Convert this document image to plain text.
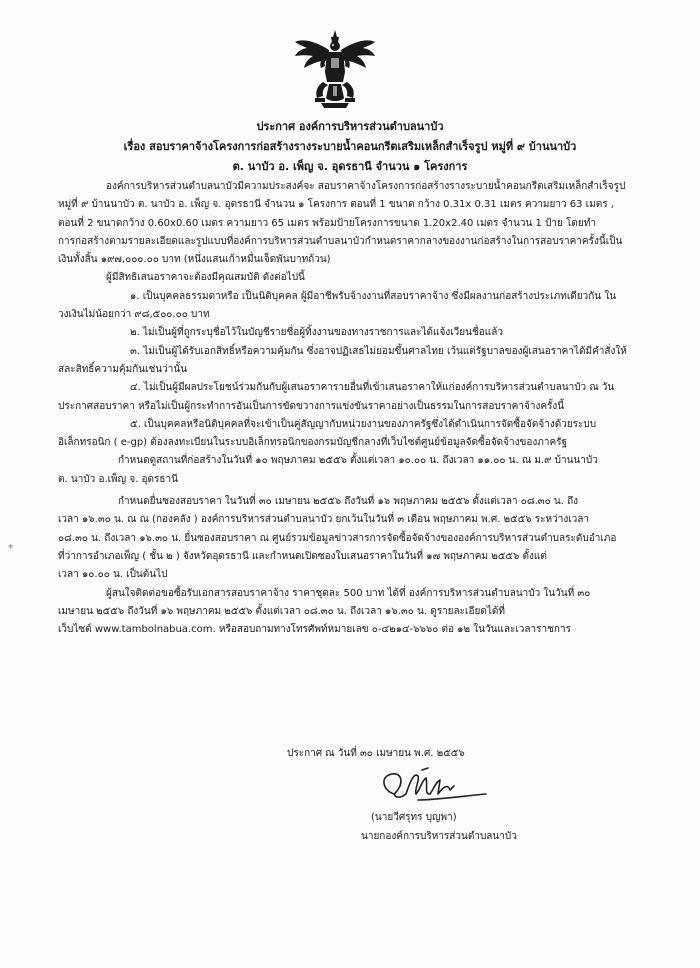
ประกาศ องค์การบริหารส่วนตำบลนาบัว
เรื่อง สอบราคาจ้างโครงการก่อสร้างรางระบายน้ำคอนกรีตเสริมเหล็กสำเร็จรูป หมู่ที่ ๙ บ้านนาบัว
ต. นาบัว อ. เพ็ญ จ. อุดรธานี จำนวน ๑ โครงการ
องค์การบริหารส่วนตำบลนาบัวมีความประสงค์จะ สอบราคาจ้างโครงการก่อสร้างรางระบายน้ำคอนกรีตเสริมเหล็กสำเร็จรูป
หมู่ที่ ๙ บ้านนาบัว ต. นาบัว อ. เพ็ญ จ. อุดรธานี จำนวน ๑ โครงการ ตอนที่ 1 ขนาด กว้าง 0.31x 0.31 เมตร ความยาว 63 เมตร ,
ตอนที่ 2 ขนาดกว้าง 0.60x0.60 เมตร ความยาว 65 เมตร พร้อมป้ายโครงการขนาด 1.20x2.40 เมตร จำนวน 1 ป้าย โดยทำ
การก่อสร้างตามรายละเอียดและรูปแบบที่องค์การบริหารส่วนตำบลนาบัวกำหนดราคากลางของงานก่อสร้างในการสอบราคาครั้งนี้เป็น
เงินทั้งสิ้น ๑๙๗,๐๐๐.๐๐ บาท (หนึ่งแสนเก้าหมื่นเจ็ดพันบาทถ้วน)
ผู้มีสิทธิเสนอราคาจะต้องมีคุณสมบัติ ดังต่อไปนี้
๑. เป็นบุคคลธรรมดาหรือ เป็นนิติบุคคล ผู้มีอาชีพรับจ้างงานที่สอบราคาจ้าง ซึ่งมีผลงานก่อสร้างประเภทเดียวกัน ใน
วงเงินไม่น้อยกว่า ๙๘,๕๐๐.๐๐ บาท
๒. ไม่เป็นผู้ที่ถูกระบุชื่อไว้ในบัญชีรายชื่อผู้ทิ้งงานของทางราชการและได้แจ้งเวียนชื่อแล้ว
๓. ไม่เป็นผู้ได้รับเอกสิทธิ์หรือความคุ้มกัน ซึ่งอาจปฏิเสธไม่ยอมขึ้นศาลไทย เว้นแต่รัฐบาลของผู้เสนอราคาได้มีคำสั่งให้
สละสิทธิ์ความคุ้มกันเช่นว่านั้น
๔. ไม่เป็นผู้มีผลประโยชน์ร่วมกันกับผู้เสนอราคารายอื่นที่เข้าเสนอราคาให้แก่องค์การบริหารส่วนตำบลนาบัว ณ วัน
ประกาศสอบราคา หรือไม่เป็นผู้กระทำการอันเป็นการขัดขวางการแข่งขันราคาอย่างเป็นธรรมในการสอบราคาจ้างครั้งนี้
๕. เป็นบุคคลหรือนิติบุคคลที่จะเข้าเป็นคู่สัญญากับหน่วยงานของภาครัฐซึ่งได้ดำเนินการจัดซื้อจัดจ้างด้วยระบบ
อิเล็กทรอนิก ( e-gp) ต้องลงทะเบียนในระบบอิเล็กทรอนิกของกรมบัญชีกลางที่เว็บไซต์ศูนย์ข้อมูลจัดซื้อจัดจ้างของภาครัฐ
กำหนดดูสถานที่ก่อสร้างในวันที่ ๑๐ พฤษภาคม ๒๕๕๖ ตั้งแต่เวลา ๑๐.๐๐ น. ถึงเวลา ๑๑.๐๐ น. ณ ม.๙ บ้านนาบัว
ต. นาบัว อ.เพ็ญ จ. อุดรธานี
กำหนดยื่นซองสอบราคา ในวันที่ ๓๐ เมษายน ๒๕๕๖ ถึงวันที่ ๑๖ พฤษภาคม ๒๕๕๖ ตั้งแต่เวลา ๐๘.๓๐ น. ถึง
เวลา ๑๖.๓๐ น. ณ ณ (กองคลัง ) องค์การบริหารส่วนตำบลนาบัว ยกเว้นในวันที่ ๓ เดือน พฤษภาคม พ.ศ. ๒๕๕๖ ระหว่างเวลา
๐๘.๓๐ น. ถึงเวลา ๑๖.๓๐ น. ยื่นซองสอบราคา ณ ศูนย์รวมข้อมูลข่าวสารการจัดซื้อจัดจ้างขององค์การบริหารส่วนตำบลระดับอำเภอ
ที่ว่าการอำเภอเพ็ญ ( ชั้น ๒ ) จังหวัดอุดรธานี และกำหนดเปิดซองใบเสนอราคาในวันที่ ๑๗ พฤษภาคม ๒๕๕๖ ตั้งแต่
เวลา ๑๐.๐๐ น. เป็นต้นไป
ผู้สนใจติดต่อขอซื้อรับเอกสารสอบราคาจ้าง ราคาชุดละ 500 บาท ได้ที่ องค์การบริหารส่วนตำบลนาบัว ในวันที่ ๓๐
เมษายน ๒๕๕๖ ถึงวันที่ ๑๖ พฤษภาคม ๒๕๕๖ ตั้งแต่เวลา ๐๘.๓๐ น. ถึงเวลา ๑๖.๓๐ น. ดูรายละเอียดได้ที่
เว็บไซต์ www.tambolnabua.com. หรือสอบถามทางโทรศัพท์หมายเลข ๐-๔๒๑๔-๖๖๖๐ ต่อ ๑๒ ในวันและเวลาราชการ
*
ประกาศ ณ วันที่ ๓๐ เมษายน พ.ศ. ๒๕๕๖
(นายวีศรุทร บุญพา)
นายกองค์การบริหารส่วนตำบลนาบัว
